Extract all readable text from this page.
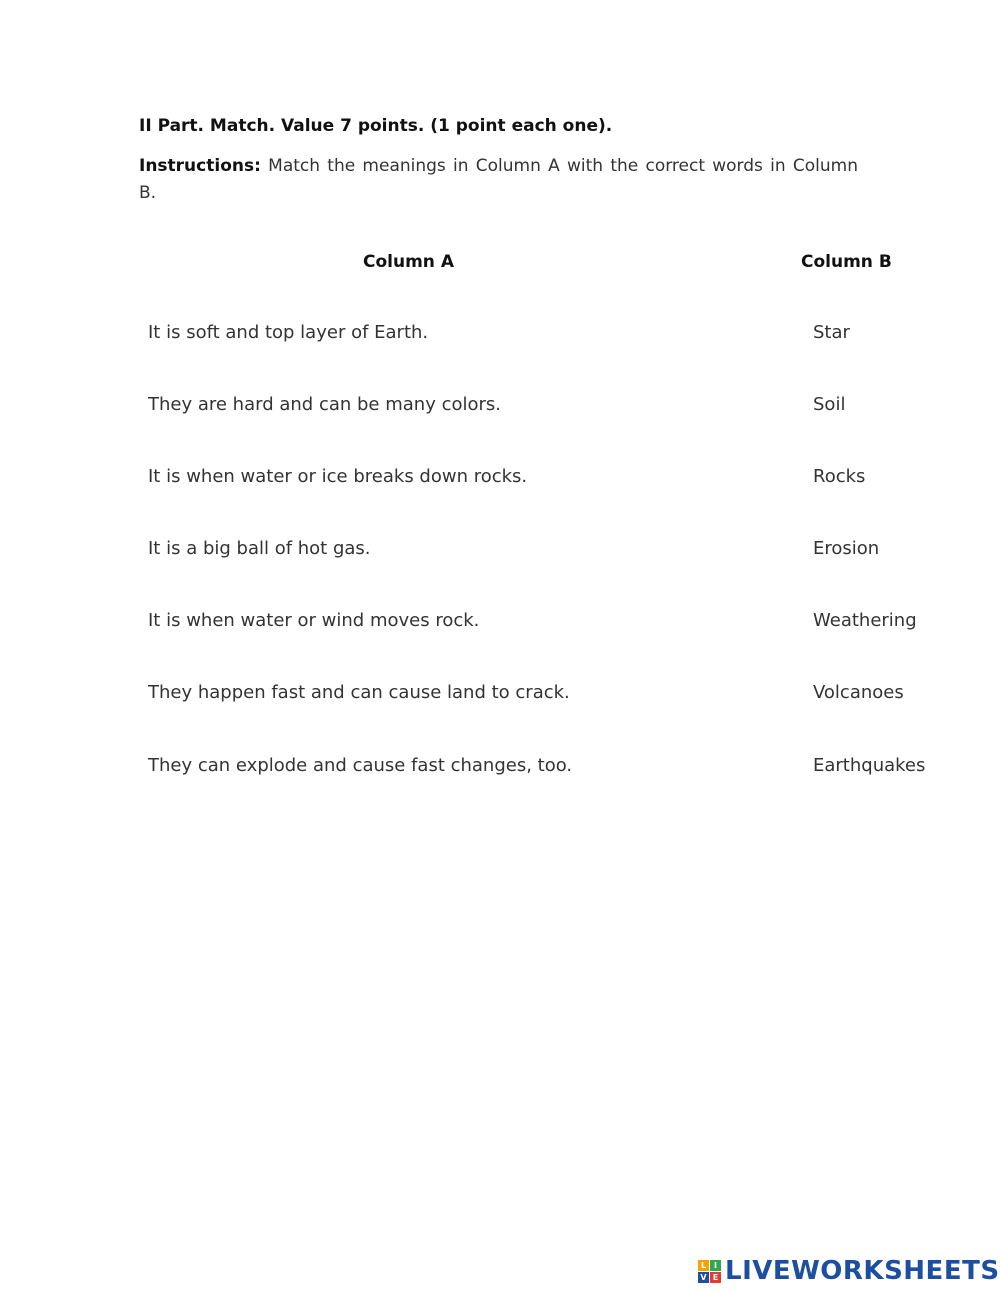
II Part. Match. Value 7 points. (1 point each one).
Instructions: Match the meanings in Column A with the correct words in Column B.
Column A	Column B
It is soft and top layer of Earth.
They are hard and can be many colors.
It is when water or ice breaks down rocks.
It is a big ball of hot gas.
It is when water or wind moves rock.
They happen fast and can cause land to crack.
They can explode and cause fast changes, too.
Star
Soil
Rocks
Erosion
Weathering
Volcanoes
Earthquakes
L I
V E LIVEWORKSHEETS
